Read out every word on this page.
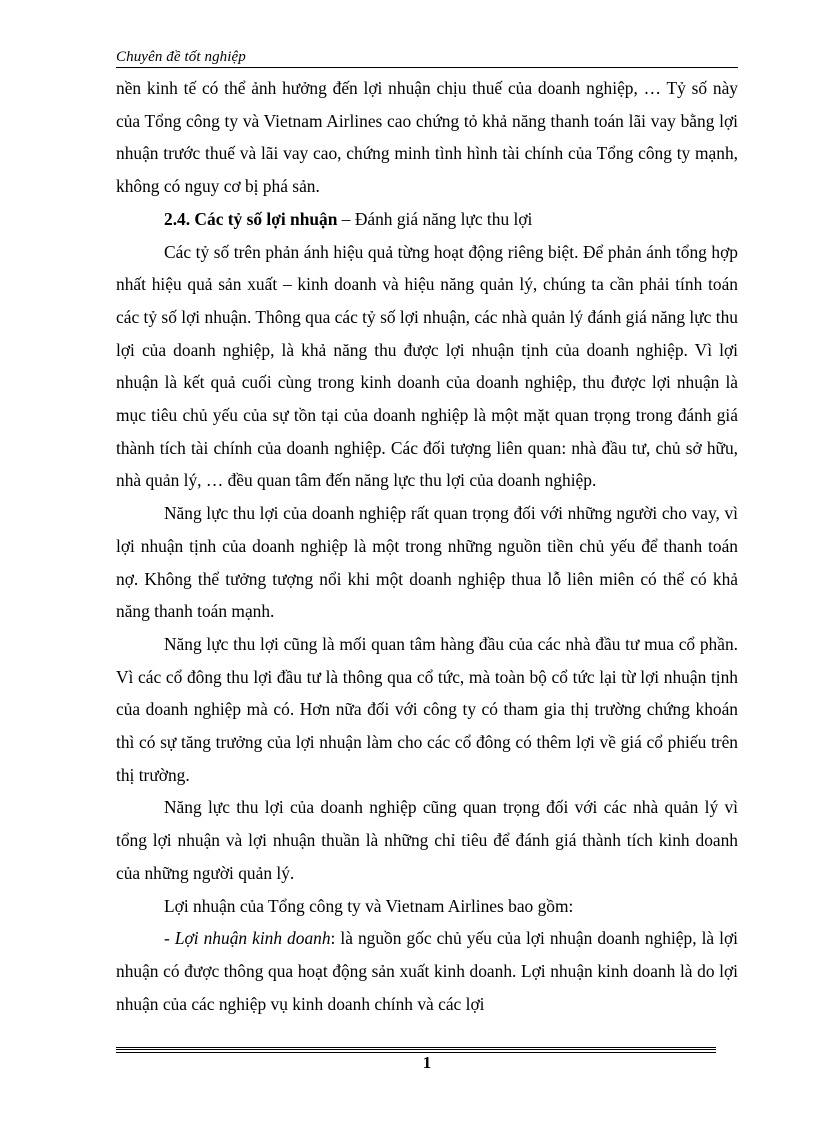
Chuyên đề tốt nghiệp

nền kinh tế có thể ảnh hưởng đến lợi nhuận chịu thuế của doanh nghiệp, … Tỷ số này của Tổng công ty và Vietnam Airlines cao chứng tỏ khả năng thanh toán lãi vay bằng lợi nhuận trước thuế và lãi vay cao, chứng minh tình hình tài chính của Tổng công ty mạnh, không có nguy cơ bị phá sản.

2.4. Các tỷ số lợi nhuận – Đánh giá năng lực thu lợi

Các tỷ số trên phản ánh hiệu quả từng hoạt động riêng biệt. Để phản ánh tổng hợp nhất hiệu quả sản xuất – kinh doanh và hiệu năng quản lý, chúng ta cần phải tính toán các tỷ số lợi nhuận. Thông qua các tỷ số lợi nhuận, các nhà quản lý đánh giá năng lực thu lợi của doanh nghiệp, là khả năng thu được lợi nhuận tịnh của doanh nghiệp. Vì lợi nhuận là kết quả cuối cùng trong kinh doanh của doanh nghiệp, thu được lợi nhuận là mục tiêu chủ yếu của sự tồn tại của doanh nghiệp là một mặt quan trọng trong đánh giá thành tích tài chính của doanh nghiệp. Các đối tượng liên quan: nhà đầu tư, chủ sở hữu, nhà quản lý, … đều quan tâm đến năng lực thu lợi của doanh nghiệp.

Năng lực thu lợi của doanh nghiệp rất quan trọng đối với những người cho vay, vì lợi nhuận tịnh của doanh nghiệp là một trong những nguồn tiền chủ yếu để thanh toán nợ. Không thể tưởng tượng nổi khi một doanh nghiệp thua lỗ liên miên có thể có khả năng thanh toán mạnh.

Năng lực thu lợi cũng là mối quan tâm hàng đầu của các nhà đầu tư mua cổ phần. Vì các cổ đông thu lợi đầu tư là thông qua cổ tức, mà toàn bộ cổ tức lại từ lợi nhuận tịnh của doanh nghiệp mà có. Hơn nữa đối với công ty có tham gia thị trường chứng khoán thì có sự tăng trưởng của lợi nhuận làm cho các cổ đông có thêm lợi về giá cổ phiếu trên thị trường.

Năng lực thu lợi của doanh nghiệp cũng quan trọng đối với các nhà quản lý vì tổng lợi nhuận và lợi nhuận thuần là những chỉ tiêu để đánh giá thành tích kinh doanh của những người quản lý.

Lợi nhuận của Tổng công ty và Vietnam Airlines bao gồm:

- Lợi nhuận kinh doanh: là nguồn gốc chủ yếu của lợi nhuận doanh nghiệp, là lợi nhuận có được thông qua hoạt động sản xuất kinh doanh. Lợi nhuận kinh doanh là do lợi nhuận của các nghiệp vụ kinh doanh chính và các lợi

1
